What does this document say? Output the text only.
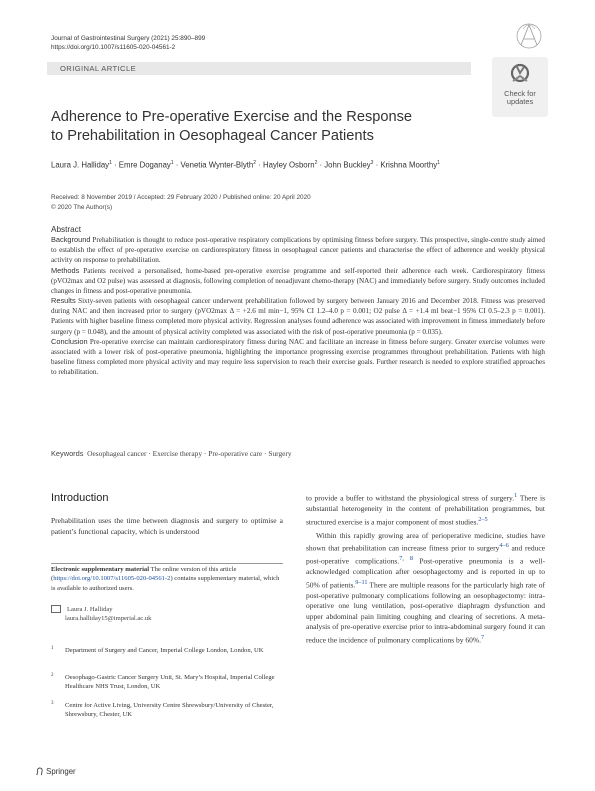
Journal of Gastrointestinal Surgery (2021) 25:890–899
https://doi.org/10.1007/s11605-020-04561-2
ORIGINAL ARTICLE
Check for
updates
Adherence to Pre-operative Exercise and the Response
to Prehabilitation in Oesophageal Cancer Patients
Laura J. Halliday$^1$ · Emre Doganay$^1$ · Venetia Wynter-Blyth$^2$ · Hayley Osborn$^2$ · John Buckley$^3$ · Krishna Moorthy$^1$
Received: 8 November 2019 / Accepted: 29 February 2020 / Published online: 20 April 2020
© 2020 The Author(s)
Abstract

Background Prehabilitation is thought to reduce post-operative respiratory complications by optimising fitness before surgery. This prospective, single-centre study aimed to establish the effect of pre-operative exercise on cardiorespiratory fitness in oesophageal cancer patients and characterise the effect of adherence and weekly physical activity on response to prehabilitation.

Methods Patients received a personalised, home-based pre-operative exercise programme and self-reported their adherence each week. Cardiorespiratory fitness (pVO2max and O2 pulse) was assessed at diagnosis, following completion of neoadjuvant chemo-therapy (NAC) and immediately before surgery. Study outcomes included changes in fitness and post-operative pneumonia.

Results Sixty-seven patients with oesophageal cancer underwent prehabilitation followed by surgery between January 2016 and December 2018. Fitness was preserved during NAC and then increased prior to surgery (pVO2max Δ = +2.6 ml min−1, 95% CI 1.2–4.0 p = 0.001; O2 pulse Δ = +1.4 ml beat−1 95% CI 0.5–2.3 p = 0.001). Patients with higher baseline fitness completed more physical activity. Regression analyses found adherence was associated with improvement in fitness immediately before surgery (p = 0.048), and the amount of physical activity completed was associated with the risk of post-operative pneumonia (p = 0.035).

Conclusion Pre-operative exercise can maintain cardiorespiratory fitness during NAC and facilitate an increase in fitness before surgery. Greater exercise volumes were associated with a lower risk of post-operative pneumonia, highlighting the importance progressing exercise programmes throughout prehabilitation. Patients with high baseline fitness completed more physical activity and may require less supervision to reach their exercise goals. Further research is needed to explore stratified approaches to rehabilitation.

Keywords Oesophageal cancer · Exercise therapy · Pre-operative care · Surgery
Introduction
Prehabilitation uses the time between diagnosis and surgery to optimise a patient’s functional capacity, which is understood
Electronic supplementary material The online version of this article (https://doi.org/10.1007/s11605-020-04561-2) contains supplementary material, which is available to authorized users.
Laura J. Halliday
laura.halliday15@imperial.ac.uk
1 Department of Surgery and Cancer, Imperial College London, London, UK
2 Oesophago-Gastric Cancer Surgery Unit, St. Mary’s Hospital, Imperial College Healthcare NHS Trust, London, UK
3 Centre for Active Living, University Centre Shrewsbury/University of Chester, Shrewsbury, Chester, UK

to provide a buffer to withstand the physiological stress of surgery.$^1$ There is substantial heterogeneity in the content of prehabilitation programmes, but structured exercise is a major component of most studies.$^{2-5}$

Within this rapidly growing area of perioperative medicine, studies have shown that prehabilitation can increase fitness prior to surgery$^{4-6}$ and reduce post-operative complications.$^{7, 8}$ Post-operative pneumonia is a well-acknowledged complication after oesophagectomy and is reported in up to 50% of patients.$^{9-11}$ There are multiple reasons for the particularly high rate of post-operative pulmonary complications following an oesophagectomy: intra-operative one lung ventilation, post-operative diaphragm dysfunction and upper abdominal pain limiting coughing and clearing of secretions. A meta-analysis of pre-operative exercise prior to intra-abdominal surgery found it can reduce the incidence of pulmonary complications by 60%.$^7$

Springer
